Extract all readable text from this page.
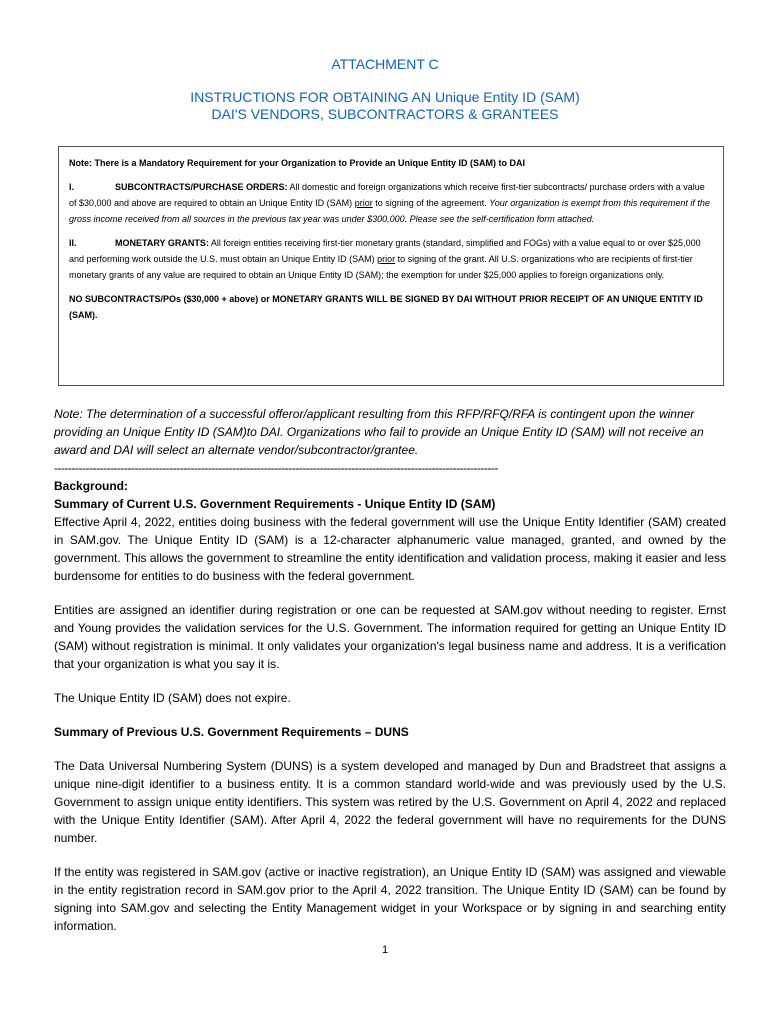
ATTACHMENT C
INSTRUCTIONS FOR OBTAINING AN Unique Entity ID (SAM)
DAI'S VENDORS, SUBCONTRACTORS & GRANTEES

Note: There is a Mandatory Requirement for your Organization to Provide an Unique Entity ID (SAM) to DAI

I.	SUBCONTRACTS/PURCHASE ORDERS: All domestic and foreign organizations which receive first-tier subcontracts/ purchase orders with a value of $30,000 and above are required to obtain an Unique Entity ID (SAM) prior to signing of the agreement. Your organization is exempt from this requirement if the gross income received from all sources in the previous tax year was under $300,000. Please see the self-certification form attached.

II.	MONETARY GRANTS: All foreign entities receiving first-tier monetary grants (standard, simplified and FOGs) with a value equal to or over $25,000 and performing work outside the U.S. must obtain an Unique Entity ID (SAM) prior to signing of the grant. All U.S. organizations who are recipients of first-tier monetary grants of any value are required to obtain an Unique Entity ID (SAM); the exemption for under $25,000 applies to foreign organizations only.

NO SUBCONTRACTS/POs ($30,000 + above) or MONETARY GRANTS WILL BE SIGNED BY DAI WITHOUT PRIOR RECEIPT OF AN UNIQUE ENTITY ID (SAM).

Note: The determination of a successful offeror/applicant resulting from this RFP/RFQ/RFA is contingent upon the winner providing an Unique Entity ID (SAM)to DAI. Organizations who fail to provide an Unique Entity ID (SAM) will not receive an award and DAI will select an alternate vendor/subcontractor/grantee.

-------------------------------------------------------------------------------------------------------------------------------

Background:

Summary of Current U.S. Government Requirements - Unique Entity ID (SAM)

Effective April 4, 2022, entities doing business with the federal government will use the Unique Entity Identifier (SAM) created in SAM.gov. The Unique Entity ID (SAM) is a 12-character alphanumeric value managed, granted, and owned by the government. This allows the government to streamline the entity identification and validation process, making it easier and less burdensome for entities to do business with the federal government.

Entities are assigned an identifier during registration or one can be requested at SAM.gov without needing to register. Ernst and Young provides the validation services for the U.S. Government. The information required for getting an Unique Entity ID (SAM) without registration is minimal. It only validates your organization's legal business name and address. It is a verification that your organization is what you say it is.

The Unique Entity ID (SAM) does not expire.

Summary of Previous U.S. Government Requirements – DUNS

The Data Universal Numbering System (DUNS) is a system developed and managed by Dun and Bradstreet that assigns a unique nine-digit identifier to a business entity. It is a common standard world-wide and was previously used by the U.S. Government to assign unique entity identifiers. This system was retired by the U.S. Government on April 4, 2022 and replaced with the Unique Entity Identifier (SAM). After April 4, 2022 the federal government will have no requirements for the DUNS number.

If the entity was registered in SAM.gov (active or inactive registration), an Unique Entity ID (SAM) was assigned and viewable in the entity registration record in SAM.gov prior to the April 4, 2022 transition. The Unique Entity ID (SAM) can be found by signing into SAM.gov and selecting the Entity Management widget in your Workspace or by signing in and searching entity information.

1
